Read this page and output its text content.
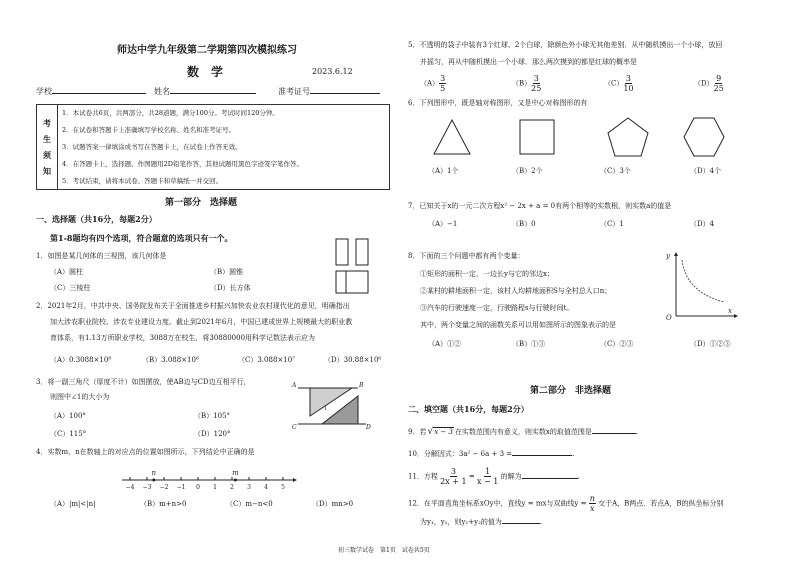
师达中学九年级第二学期第四次模拟练习
数　学	2023.6.12
学校	姓名	准考证号
考
生
须
知
1．本试卷共6页，共两部分，共28道题，满分100分。考试时间120分钟。
2．在试卷和答题卡上准确填写学校名称、姓名和准考证号。
3．试题答案一律填涂或书写在答题卡上，在试卷上作答无效。
4．在答题卡上，选择题、作图题用2D铅笔作答，其他试题用黑色字迹签字笔作答。
5．考试结束，请将本试卷、答题卡和草稿纸一并交回。
第一部分　选择题
一、选择题（共16分，每题2分）
第1-8题均有四个选项，符合题意的选项只有一个。
1．如图是某几何体的三视图，该几何体是
（A）圆柱	（B）圆锥
（C）三棱柱	（D）长方体
2．2021年2月，中共中央、国务院发布关于全面推进乡村振兴加快农业农村现代化的意见，明确指出
加大涉农职业院校、涉农专业建设力度。截止到2021年6月，中国已建成世界上规模最大的职业教
育体系，有1.13万所职业学校，3088万在校生，将30880000用科学记数法表示应为
（A）0.3088×10⁸	（B）3.088×10⁶	（C）3.088×10⁷	（D）30.88×10⁶
3．将一副三角尺（厚度不计）如图摆放，使AB边与CD边互相平行，
则图中∠1的大小为
（A）100°	（B）105°
（C）115°	（D）120°
A	B
C	D
1
4．实数m，n在数轴上的对应点的位置如图所示，下列结论中正确的是
−4 −3 −2 −1 0 1 2 3 4 5
n	m
（A）|m|<|n|	（B）m+n>0	（C）m−n<0	（D）mn>0
5．不透明的袋子中装有3个红球、2个白球，除颜色外小球无其他差别．从中随机摸出一个小球，放回
并摇匀，再从中随机摸出一个小球．那么两次摸到的都是红球的概率是
$(A) \frac{3}{5}$	$(B) \frac{3}{25}$	$(C) \frac{3}{10}$	$(D) \frac{9}{25}$
6．下列图形中，既是轴对称图形，又是中心对称图形的有
（A）1个	（B）2个	（C）3个	（D）4个
7．已知关于x的一元二次方程x² − 2x + a = 0有两个相等的实数根，则实数a的值是
（A）−1	（B）0	（C）1	（D）4
8．下面的三个问题中都有两个变量：
①矩形的面积一定，一边长y与它的邻边x；
②某村的耕地面积一定，该村人均耕地面积S与全村总人口n；
③汽车的行驶速度一定，行驶路程s与行驶时间t。
其中，两个变量之间的函数关系可以用如图所示的图象表示的是
（A）①②	（B）①③	（C）②③	（D）①②③
y
x
O
第二部分　非选择题
二、填空题（共16分，每题2分）
9．若√x − 3 在实数范围内有意义，则实数x的取值范围是	.
10．分解因式：3a² − 6a + 3 =	.
11．方程 $\frac{3}{2x + 1} = \frac{1}{x - 1}$ 的解为	.
12．在平面直角坐标系xOy中，直线y = mx与双曲线$y = \frac{n}{x}$ 交于A，B两点．若点A，B的纵坐标分别
为y₁，y₂，则y₁+y₂的值为	.
初三数学试卷　第1页　试卷共5页
